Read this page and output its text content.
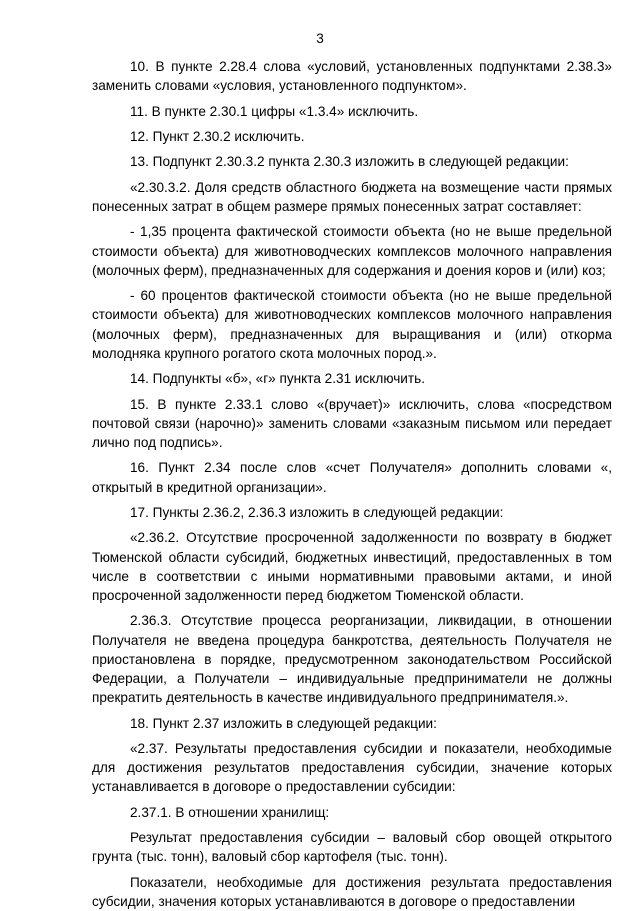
3

10. В пункте 2.28.4 слова «условий, установленных подпунктами 2.38.3» заменить словами «условия, установленного подпунктом».

11. В пункте 2.30.1 цифры «1.3.4» исключить.

12. Пункт 2.30.2 исключить.

13. Подпункт 2.30.3.2 пункта 2.30.3 изложить в следующей редакции:

«2.30.3.2. Доля средств областного бюджета на возмещение части прямых понесенных затрат в общем размере прямых понесенных затрат составляет:

- 1,35 процента фактической стоимости объекта (но не выше предельной стоимости объекта) для животноводческих комплексов молочного направления (молочных ферм), предназначенных для содержания и доения коров и (или) коз;

- 60 процентов фактической стоимости объекта (но не выше предельной стоимости объекта) для животноводческих комплексов молочного направления (молочных ферм), предназначенных для выращивания и (или) откорма молодняка крупного рогатого скота молочных пород.».

14. Подпункты «б», «г» пункта 2.31 исключить.

15. В пункте 2.33.1 слово «(вручает)» исключить, слова «посредством почтовой связи (нарочно)» заменить словами «заказным письмом или передает лично под подпись».

16. Пункт 2.34 после слов «счет Получателя» дополнить словами «, открытый в кредитной организации».

17. Пункты 2.36.2, 2.36.3 изложить в следующей редакции:

«2.36.2. Отсутствие просроченной задолженности по возврату в бюджет Тюменской области субсидий, бюджетных инвестиций, предоставленных в том числе в соответствии с иными нормативными правовыми актами, и иной просроченной задолженности перед бюджетом Тюменской области.

2.36.3. Отсутствие процесса реорганизации, ликвидации, в отношении Получателя не введена процедура банкротства, деятельность Получателя не приостановлена в порядке, предусмотренном законодательством Российской Федерации, а Получатели – индивидуальные предприниматели не должны прекратить деятельность в качестве индивидуального предпринимателя.».

18. Пункт 2.37 изложить в следующей редакции:

«2.37. Результаты предоставления субсидии и показатели, необходимые для достижения результатов предоставления субсидии, значение которых устанавливается в договоре о предоставлении субсидии:

2.37.1. В отношении хранилищ:

Результат предоставления субсидии – валовый сбор овощей открытого грунта (тыс. тонн), валовый сбор картофеля (тыс. тонн).

Показатели, необходимые для достижения результата предоставления субсидии, значения которых устанавливаются в договоре о предоставлении
